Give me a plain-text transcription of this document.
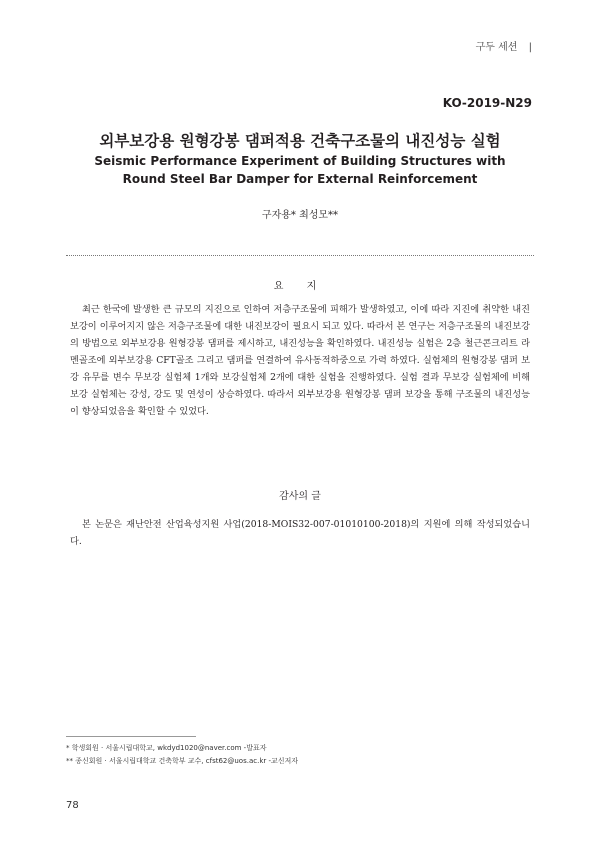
구두 세션 |
KO-2019-N29
외부보강용 원형강봉 댐퍼적용 건축구조물의 내진성능 실험
Seismic Performance Experiment of Building Structures with
Round Steel Bar Damper for External Reinforcement
구자용* 최성모**
요 지

최근 한국에 발생한 큰 규모의 지진으로 인하여 저층구조물에 피해가 발생하였고, 이에 따라 지진에 취약한 내진보강이 이루어지지 않은 저층구조물에 대한 내진보강이 필요시 되고 있다. 따라서 본 연구는 저층구조물의 내진보강의 방법으로 외부보강용 원형강봉 댐퍼를 제시하고, 내진성능을 확인하였다. 내진성능 실험은 2층 철근콘크리트 라멘골조에 외부보강용 CFT골조 그리고 댐퍼를 연결하여 유사동적하중으로 가력 하였다. 실험체의 원형강봉 댐퍼 보강 유무를 변수 무보강 실험체 1개와 보강실험체 2개에 대한 실험을 진행하였다. 실험 결과 무보강 실험체에 비해 보강 실험체는 강성, 강도 및 연성이 상승하였다. 따라서 외부보강용 원형강봉 댐퍼 보강을 통해 구조물의 내진성능이 향상되었음을 확인할 수 있었다.

감사의 글

본 논문은 재난안전 산업육성지원 사업(2018-MOIS32-007-01010100-2018)의 지원에 의해 작성되었습니다.

* 학생회원 · 서울시립대학교, wkdyd1020@naver.com -발표자
** 종신회원 · 서울시립대학교 건축학부 교수, cfst62@uos.ac.kr -교신저자
78
